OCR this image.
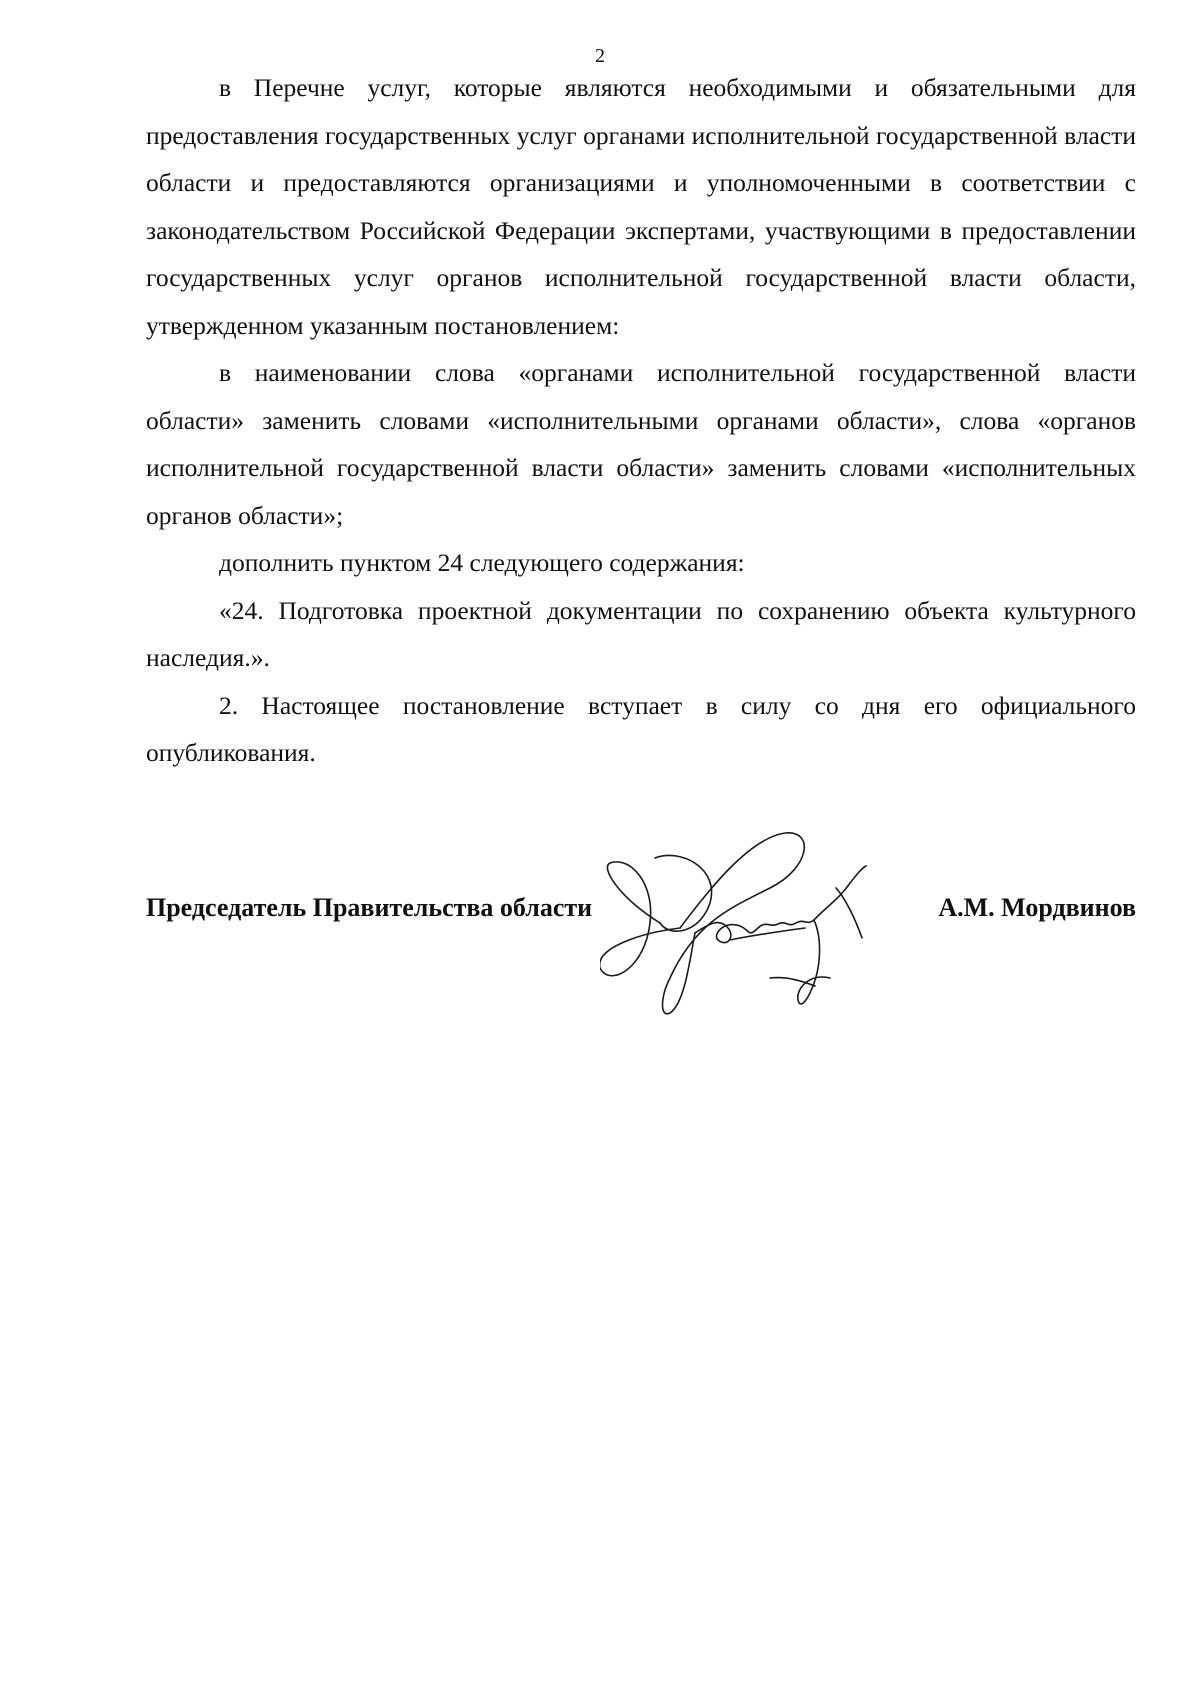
2

в Перечне услуг, которые являются необходимыми и обязательными для предоставления государственных услуг органами исполнительной государственной власти области и предоставляются организациями и уполномоченными в соответствии с законодательством Российской Федерации экспертами, участвующими в предоставлении государственных услуг органов исполнительной государственной власти области, утвержденном указанным постановлением:

в наименовании слова «органами исполнительной государственной власти области» заменить словами «исполнительными органами области», слова «органов исполнительной государственной власти области» заменить словами «исполнительных органов области»;

дополнить пунктом 24 следующего содержания:

«24. Подготовка проектной документации по сохранению объекта культурного наследия.».

2. Настоящее постановление вступает в силу со дня его официального опубликования.

Председатель Правительства области	А.М. Мордвинов
